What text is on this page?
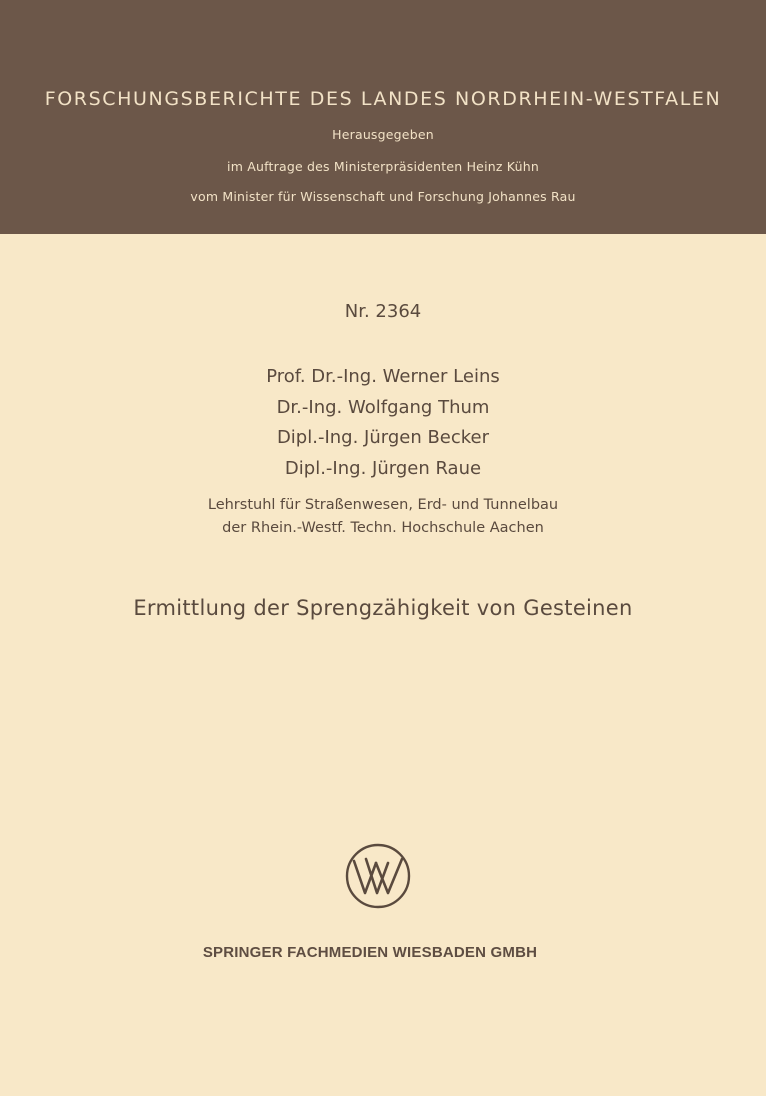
FORSCHUNGSBERICHTE DES LANDES NORDRHEIN-WESTFALEN
Herausgegeben
im Auftrage des Ministerpräsidenten Heinz Kühn
vom Minister für Wissenschaft und Forschung Johannes Rau
Nr. 2364
Prof. Dr.-Ing. Werner Leins
Dr.-Ing. Wolfgang Thum
Dipl.-Ing. Jürgen Becker
Dipl.-Ing. Jürgen Raue
Lehrstuhl für Straßenwesen, Erd- und Tunnelbau
der Rhein.-Westf. Techn. Hochschule Aachen
Ermittlung der Sprengzähigkeit von Gesteinen
SPRINGER FACHMEDIEN WIESBADEN GMBH
